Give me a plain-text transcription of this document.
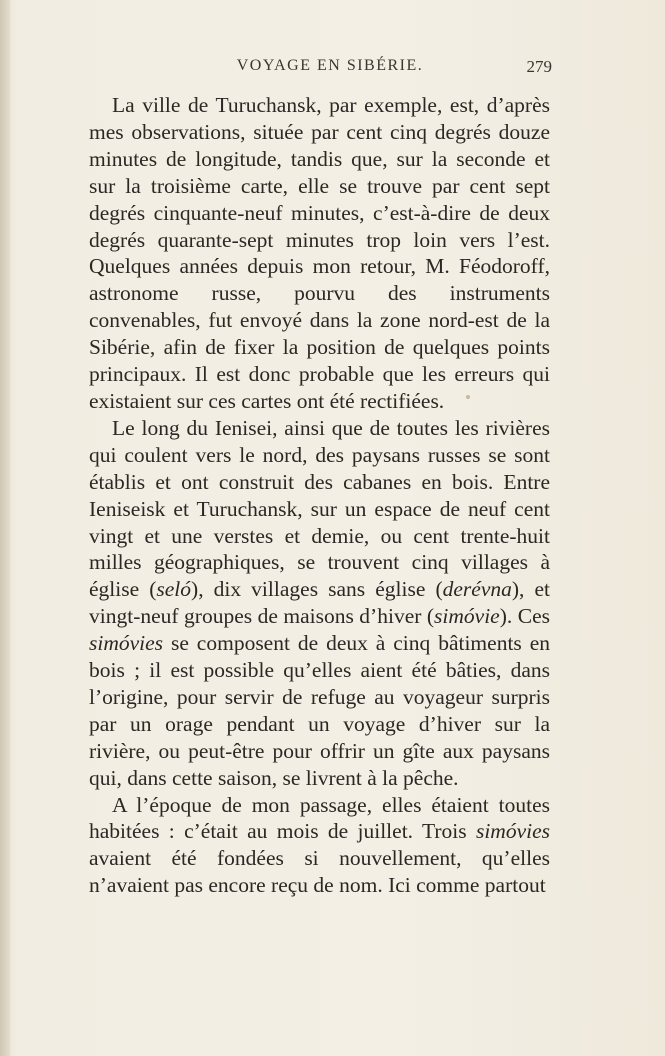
VOYAGE EN SIBÉRIE.	279

La ville de Turuchansk, par exemple, est, d’après mes observations, située par cent cinq degrés douze minutes de longitude, tandis que, sur la seconde et sur la troisième carte, elle se trouve par cent sept degrés cinquante-neuf minutes, c’est-à-dire de deux degrés quarante-sept minutes trop loin vers l’est. Quelques années depuis mon retour, M. Féodoroff, astronome russe, pourvu des instruments convenables, fut envoyé dans la zone nord-est de la Sibérie, afin de fixer la position de quelques points principaux. Il est donc probable que les erreurs qui existaient sur ces cartes ont été rectifiées.

Le long du Ienisei, ainsi que de toutes les rivières qui coulent vers le nord, des paysans russes se sont établis et ont construit des cabanes en bois. Entre Ieniseisk et Turuchansk, sur un espace de neuf cent vingt et une verstes et demie, ou cent trente-huit milles géographiques, se trouvent cinq villages à église (seló), dix villages sans église (derévna), et vingt-neuf groupes de maisons d’hiver (simóvie). Ces simóvies se composent de deux à cinq bâtiments en bois ; il est possible qu’elles aient été bâties, dans l’origine, pour servir de refuge au voyageur surpris par un orage pendant un voyage d’hiver sur la rivière, ou peut-être pour offrir un gîte aux paysans qui, dans cette saison, se livrent à la pêche.

A l’époque de mon passage, elles étaient toutes habitées : c’était au mois de juillet. Trois simóvies avaient été fondées si nouvellement, qu’elles n’avaient pas encore reçu de nom. Ici comme partout
